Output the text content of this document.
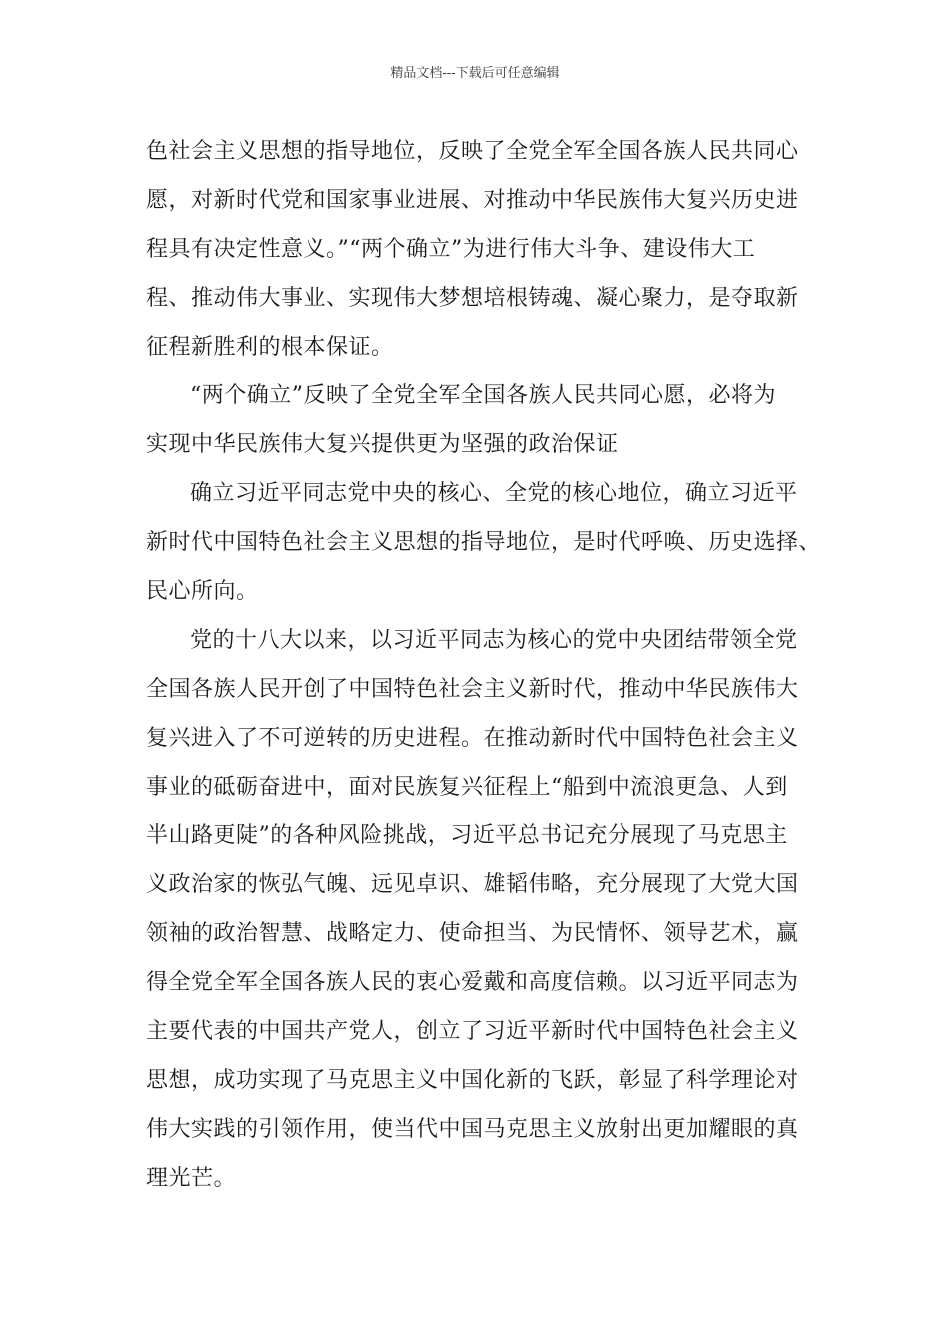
精品文档---下载后可任意编辑
色社会主义思想的指导地位，反映了全党全军全国各族人民共同心
愿，对新时代党和国家事业进展、对推动中华民族伟大复兴历史进
程具有决定性意义。”“两个确立”为进行伟大斗争、建设伟大工
程、推动伟大事业、实现伟大梦想培根铸魂、凝心聚力，是夺取新
征程新胜利的根本保证。
“两个确立”反映了全党全军全国各族人民共同心愿，必将为
实现中华民族伟大复兴提供更为坚强的政治保证
确立习近平同志党中央的核心、全党的核心地位，确立习近平
新时代中国特色社会主义思想的指导地位，是时代呼唤、历史选择、
民心所向。
党的十八大以来，以习近平同志为核心的党中央团结带领全党
全国各族人民开创了中国特色社会主义新时代，推动中华民族伟大
复兴进入了不可逆转的历史进程。在推动新时代中国特色社会主义
事业的砥砺奋进中，面对民族复兴征程上“船到中流浪更急、人到
半山路更陡”的各种风险挑战，习近平总书记充分展现了马克思主
义政治家的恢弘气魄、远见卓识、雄韬伟略，充分展现了大党大国
领袖的政治智慧、战略定力、使命担当、为民情怀、领导艺术，赢
得全党全军全国各族人民的衷心爱戴和高度信赖。以习近平同志为
主要代表的中国共产党人，创立了习近平新时代中国特色社会主义
思想，成功实现了马克思主义中国化新的飞跃，彰显了科学理论对
伟大实践的引领作用，使当代中国马克思主义放射出更加耀眼的真
理光芒。
